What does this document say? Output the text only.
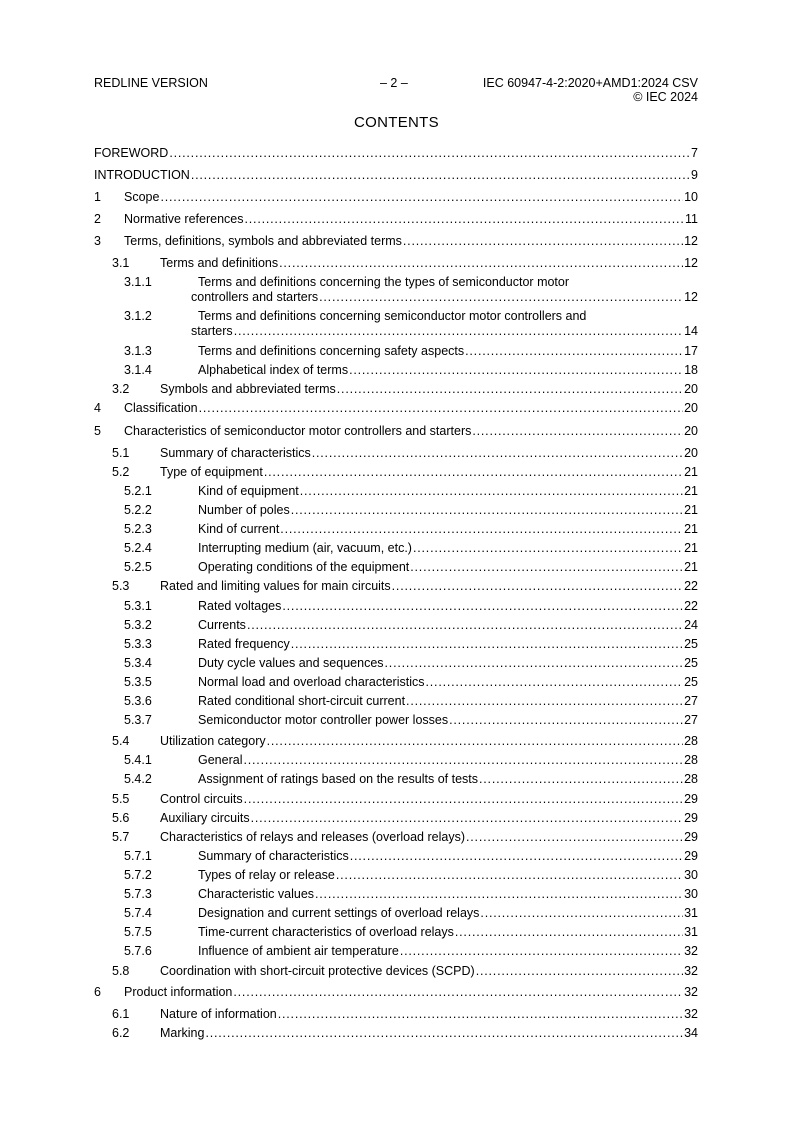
REDLINE VERSION	– 2 –	IEC 60947-4-2:2020+AMD1:2024 CSV
© IEC 2024
CONTENTS
FOREWORD .....	7
INTRODUCTION .....	9
1 Scope .....	10
2 Normative references .....	11
3 Terms, definitions, symbols and abbreviated terms .....	12
3.1 Terms and definitions .....	12
3.1.1	Terms and definitions concerning the types of semiconductor motor
controllers and starters .....	12
3.1.2	Terms and definitions concerning semiconductor motor controllers and
starters .....	14
3.1.3	Terms and definitions concerning safety aspects .....	17
3.1.4	Alphabetical index of terms .....	18
3.2 Symbols and abbreviated terms .....	20
4 Classification .....	20
5 Characteristics of semiconductor motor controllers and starters .....	20
5.1 Summary of characteristics .....	20
5.2 Type of equipment .....	21
5.2.1	Kind of equipment .....	21
5.2.2	Number of poles .....	21
5.2.3	Kind of current .....	21
5.2.4	Interrupting medium (air, vacuum, etc.) .....	21
5.2.5	Operating conditions of the equipment .....	21
5.3 Rated and limiting values for main circuits .....	22
5.3.1	Rated voltages .....	22
5.3.2	Currents .....	24
5.3.3	Rated frequency .....	25
5.3.4	Duty cycle values and sequences .....	25
5.3.5	Normal load and overload characteristics .....	25
5.3.6	Rated conditional short-circuit current .....	27
5.3.7	Semiconductor motor controller power losses .....	27
5.4 Utilization category .....	28
5.4.1	General .....	28
5.4.2	Assignment of ratings based on the results of tests .....	28
5.5 Control circuits .....	29
5.6 Auxiliary circuits .....	29
5.7 Characteristics of relays and releases (overload relays) .....	29
5.7.1	Summary of characteristics .....	29
5.7.2	Types of relay or release .....	30
5.7.3	Characteristic values .....	30
5.7.4	Designation and current settings of overload relays .....	31
5.7.5	Time-current characteristics of overload relays .....	31
5.7.6	Influence of ambient air temperature .....	32
5.8 Coordination with short-circuit protective devices (SCPD) .....	32
6 Product information .....	32
6.1 Nature of information .....	32
6.2 Marking .....	34
